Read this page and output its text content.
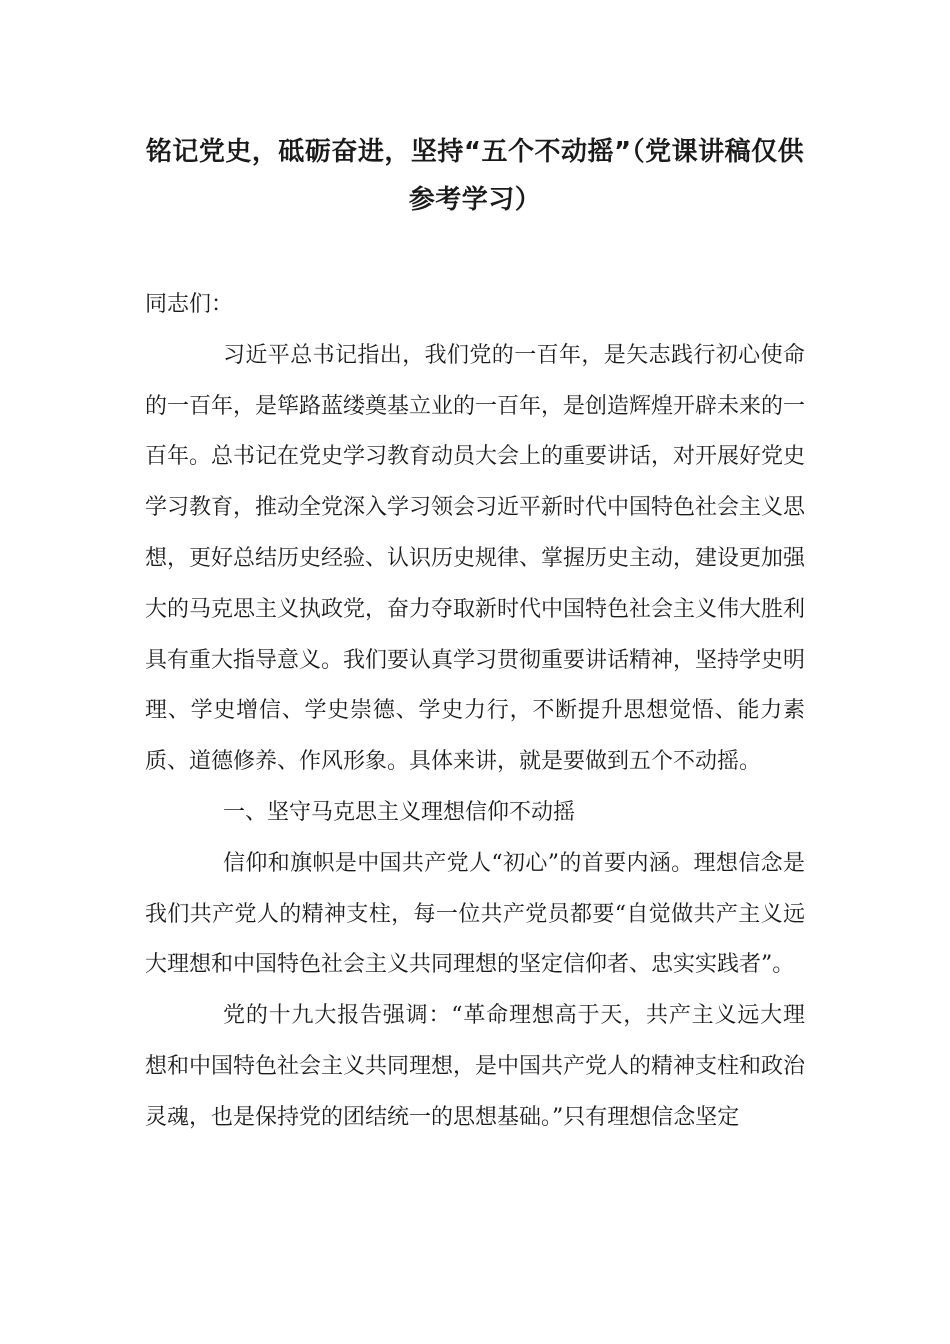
铭记党史，砥砺奋进，坚持“五个不动摇”（党课讲稿仅供参考学习）

同志们：

习近平总书记指出，我们党的一百年，是矢志践行初心使命的一百年，是筚路蓝缕奠基立业的一百年，是创造辉煌开辟未来的一百年。总书记在党史学习教育动员大会上的重要讲话，对开展好党史学习教育，推动全党深入学习领会习近平新时代中国特色社会主义思想，更好总结历史经验、认识历史规律、掌握历史主动，建设更加强大的马克思主义执政党，奋力夺取新时代中国特色社会主义伟大胜利具有重大指导意义。我们要认真学习贯彻重要讲话精神，坚持学史明理、学史增信、学史崇德、学史力行，不断提升思想觉悟、能力素质、道德修养、作风形象。具体来讲，就是要做到五个不动摇。

一、坚守马克思主义理想信仰不动摇

信仰和旗帜是中国共产党人“初心”的首要内涵。理想信念是我们共产党人的精神支柱，每一位共产党员都要“自觉做共产主义远大理想和中国特色社会主义共同理想的坚定信仰者、忠实实践者”。

党的十九大报告强调：“革命理想高于天，共产主义远大理想和中国特色社会主义共同理想，是中国共产党人的精神支柱和政治灵魂，也是保持党的团结统一的思想基础。”只有理想信念坚定
